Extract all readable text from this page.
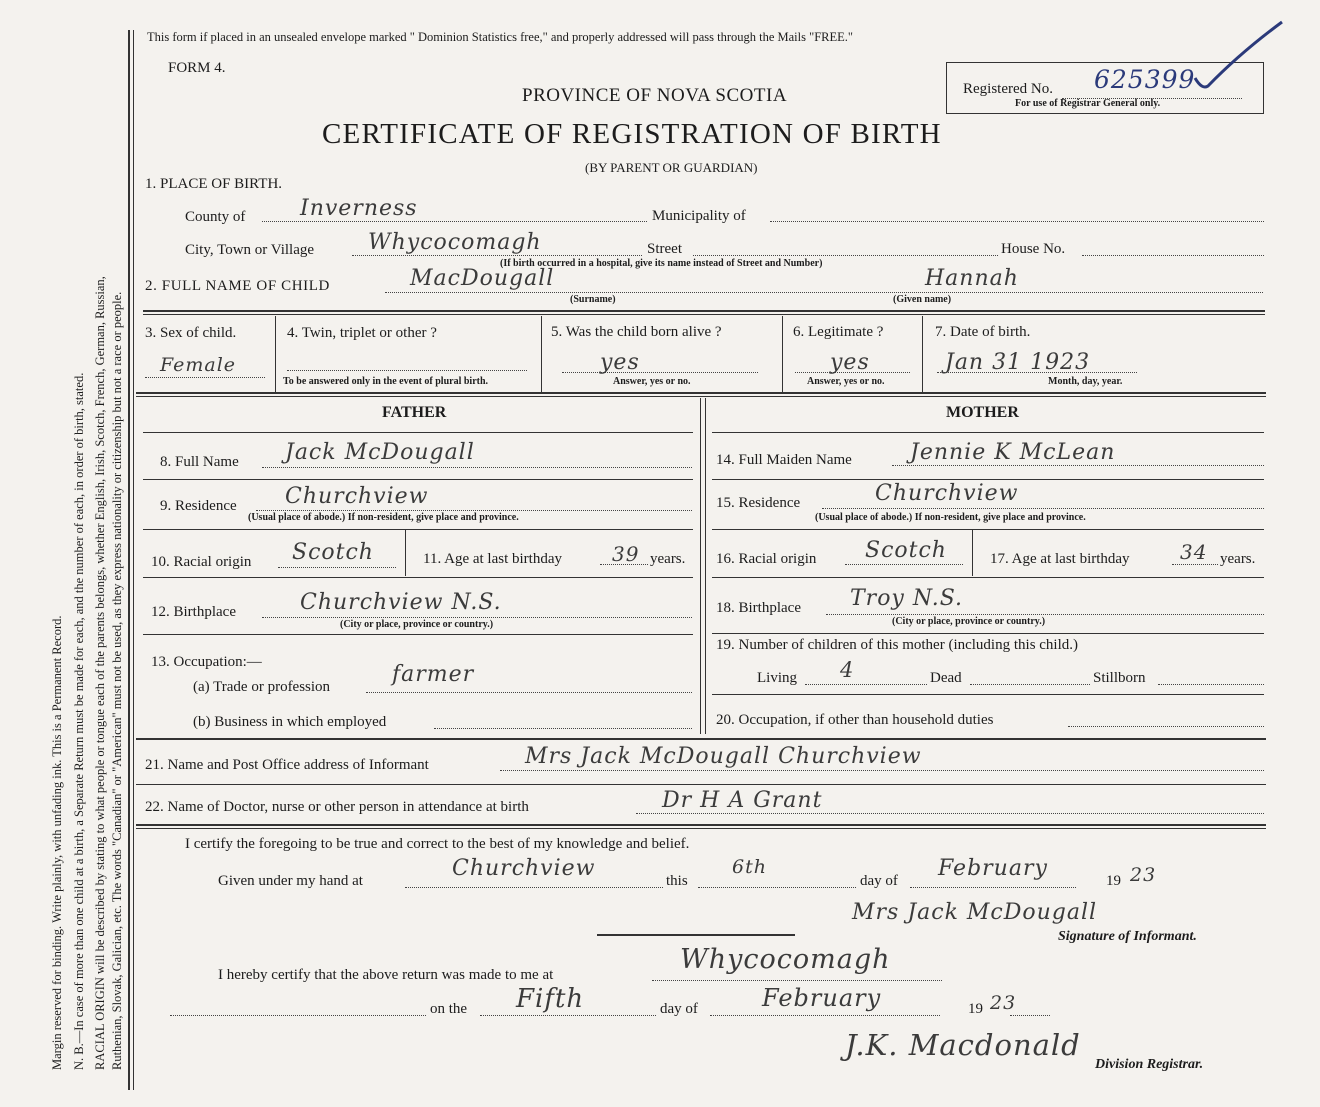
Margin reserved for binding. Write plainly, with unfading ink. This is a Permanent Record. N. B.—In case of more than one child at a birth, a Separate Return must be made for each, and the number of each, in order of birth, stated. RACIAL ORIGIN will be described by stating to what people or tongue each of the parents belongs, whether English, Irish, Scotch, French, German, Russian, Ruthenian, Slovak, Galician, etc. The words "Canadian" or "American" must not be used, as they express nationality or citizenship but not a race or people.
This form if placed in an unsealed envelope marked " Dominion Statistics free," and properly addressed will pass through the Mails "FREE."
FORM 4.
PROVINCE OF NOVA SCOTIA
CERTIFICATE OF REGISTRATION OF BIRTH
(BY PARENT OR GUARDIAN)
Registered No. 625399
For use of Registrar General only.
1. PLACE OF BIRTH.
County of Inverness	Municipality of
City, Town or Village Whycocomagh	Street	House No.
(If birth occurred in a hospital, give its name instead of Street and Number)
2. FULL NAME OF CHILD	MacDougall
(Surname)
Hannah
(Given name)
3. Sex of child.
Female
4. Twin, triplet or other ?
To be answered only in the event of plural birth.
5. Was the child born alive ?
yes
Answer, yes or no.
6. Legitimate ?
yes
Answer, yes or no.
7. Date of birth.
Jan 31 1923
Month, day, year.
FATHER	MOTHER
8. Full Name Jack McDougall
9. Residence Churchview
(Usual place of abode.) If non-resident, give place and province.
10. Racial origin Scotch	11. Age at last birthday	39 years.
12. Birthplace	Churchview N.S.
(City or place, province or country.)
13. Occupation:—
(a) Trade or profession	farmer
(b) Business in which employed
14. Full Maiden Name	Jennie K McLean
15. Residence	Churchview
(Usual place of abode.) If non-resident, give place and province.
16. Racial origin Scotch	17. Age at last birthday	34 years.
18. Birthplace Troy N.S.
(City or place, province or country.)
19. Number of children of this mother (including this child.)
Living 4	Dead	Stillborn
20. Occupation, if other than household duties
21. Name and Post Office address of Informant	Mrs Jack McDougall Churchview
22. Name of Doctor, nurse or other person in attendance at birth	Dr H A Grant
I certify the foregoing to be true and correct to the best of my knowledge and belief.
Given under my hand at	Churchview	this
6th
day of February	19 23
Mrs Jack McDougall
Signature of Informant.
I hereby certify that the above return was made to me at	Whycocomagh
on the Fifth	day of	February	19 23
J.K. Macdonald
Division Registrar.
